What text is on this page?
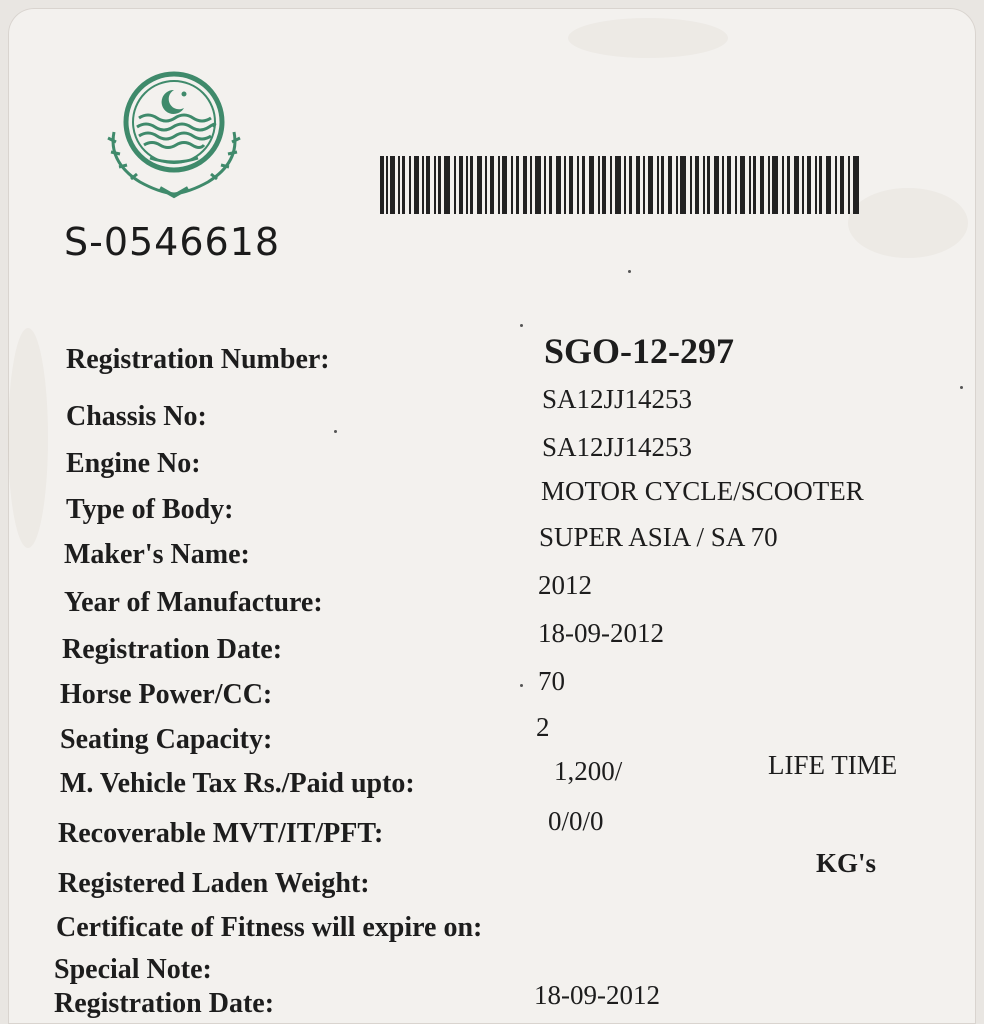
S-0546618
Registration Number:
Chassis No:
Engine No:
Type of Body:
Maker's Name:
Year of Manufacture:
Registration Date:
Horse Power/CC:
Seating Capacity:
M. Vehicle Tax Rs./Paid upto:
Recoverable MVT/IT/PFT:
Registered Laden Weight:
Certificate of Fitness will expire on:
Special Note:
Registration Date:
SGO-12-297
SA12JJ14253
SA12JJ14253
MOTOR CYCLE/SCOOTER
SUPER ASIA / SA 70
2012
18-09-2012
70
2
1,200/
0/0/0
18-09-2012
LIFE TIME
KG's
